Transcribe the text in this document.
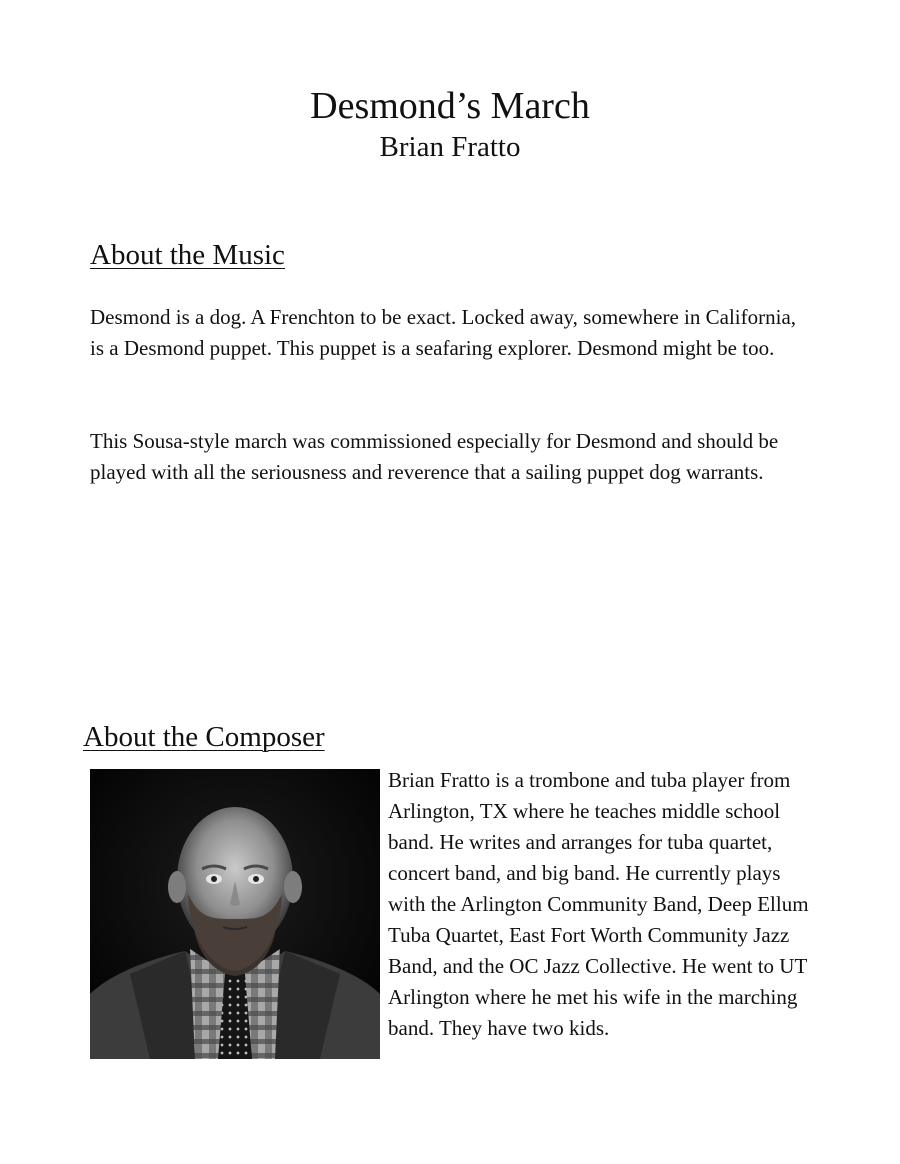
Desmond’s March
Brian Fratto
About the Music

Desmond is a dog. A Frenchton to be exact. Locked away, somewhere in California, is a Desmond puppet. This puppet is a seafaring explorer. Desmond might be too.

This Sousa-style march was commissioned especially for Desmond and should be played with all the seriousness and reverence that a sailing puppet dog warrants.

About the Composer

Brian Fratto is a trombone and tuba player from Arlington, TX where he teaches middle school band. He writes and arranges for tuba quartet, concert band, and big band. He currently plays with the Arlington Community Band, Deep Ellum Tuba Quartet, East Fort Worth Community Jazz Band, and the OC Jazz Collective. He went to UT Arlington where he met his wife in the marching band. They have two kids.
